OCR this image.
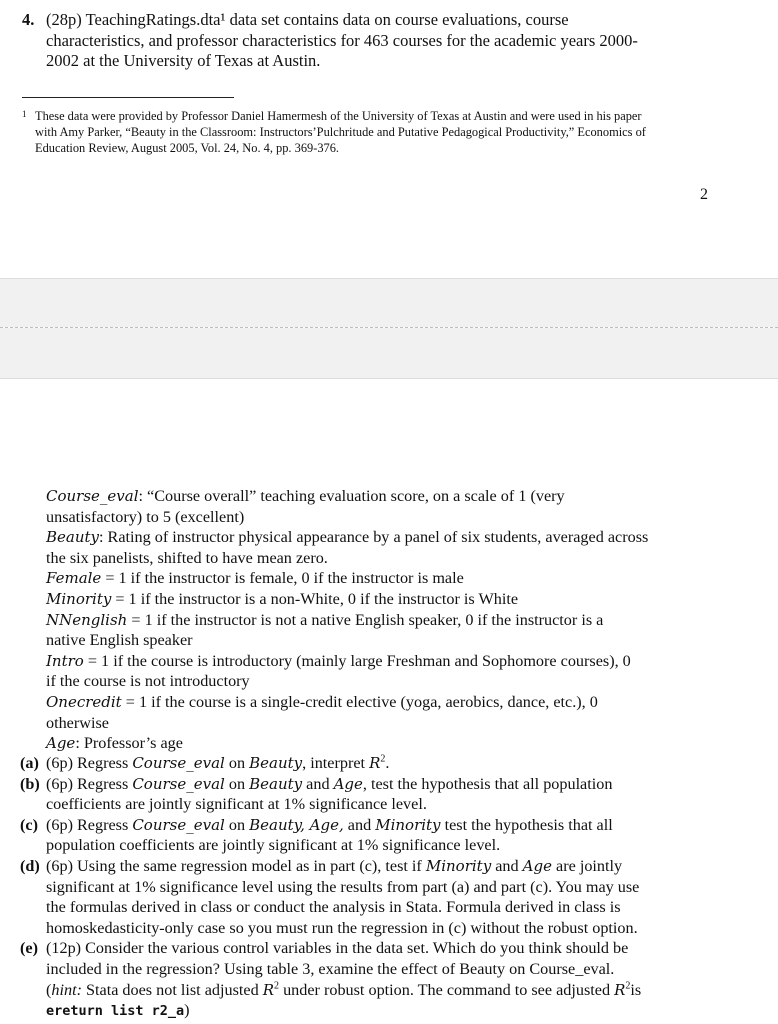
4. (28p) TeachingRatings.dta¹ data set contains data on course evaluations, course
characteristics, and professor characteristics for 463 courses for the academic years 2000-
2002 at the University of Texas at Austin.
1 These data were provided by Professor Daniel Hamermesh of the University of Texas at Austin and were used in his paper
with Amy Parker, “Beauty in the Classroom: Instructors’Pulchritude and Putative Pedagogical Productivity,” Economics of
Education Review, August 2005, Vol. 24, No. 4, pp. 369-376.
2
Course_eval: “Course overall” teaching evaluation score, on a scale of 1 (very
unsatisfactory) to 5 (excellent)
Beauty: Rating of instructor physical appearance by a panel of six students, averaged across
the six panelists, shifted to have mean zero.
Female = 1 if the instructor is female, 0 if the instructor is male
Minority = 1 if the instructor is a non-White, 0 if the instructor is White
NNenglish = 1 if the instructor is not a native English speaker, 0 if the instructor is a
native English speaker
Intro = 1 if the course is introductory (mainly large Freshman and Sophomore courses), 0
if the course is not introductory
Onecredit = 1 if the course is a single-credit elective (yoga, aerobics, dance, etc.), 0
otherwise
Age: Professor’s age
(a) (6p) Regress Course_eval on Beauty, interpret $R^2$.
(b) (6p) Regress Course_eval on Beauty and Age, test the hypothesis that all population
coefficients are jointly significant at 1% significance level.
(c) (6p) Regress Course_eval on Beauty, Age, and Minority test the hypothesis that all
population coefficients are jointly significant at 1% significance level.
(d) (6p) Using the same regression model as in part (c), test if Minority and Age are jointly
significant at 1% significance level using the results from part (a) and part (c). You may use
the formulas derived in class or conduct the analysis in Stata. Formula derived in class is
homoskedasticity-only case so you must run the regression in (c) without the robust option.
(e) (12p) Consider the various control variables in the data set. Which do you think should be
included in the regression? Using table 3, examine the effect of Beauty on Course_eval.
(hint: Stata does not list adjusted $R^2$ under robust option. The command to see adjusted $R^2is$
ereturn list r2_a)
